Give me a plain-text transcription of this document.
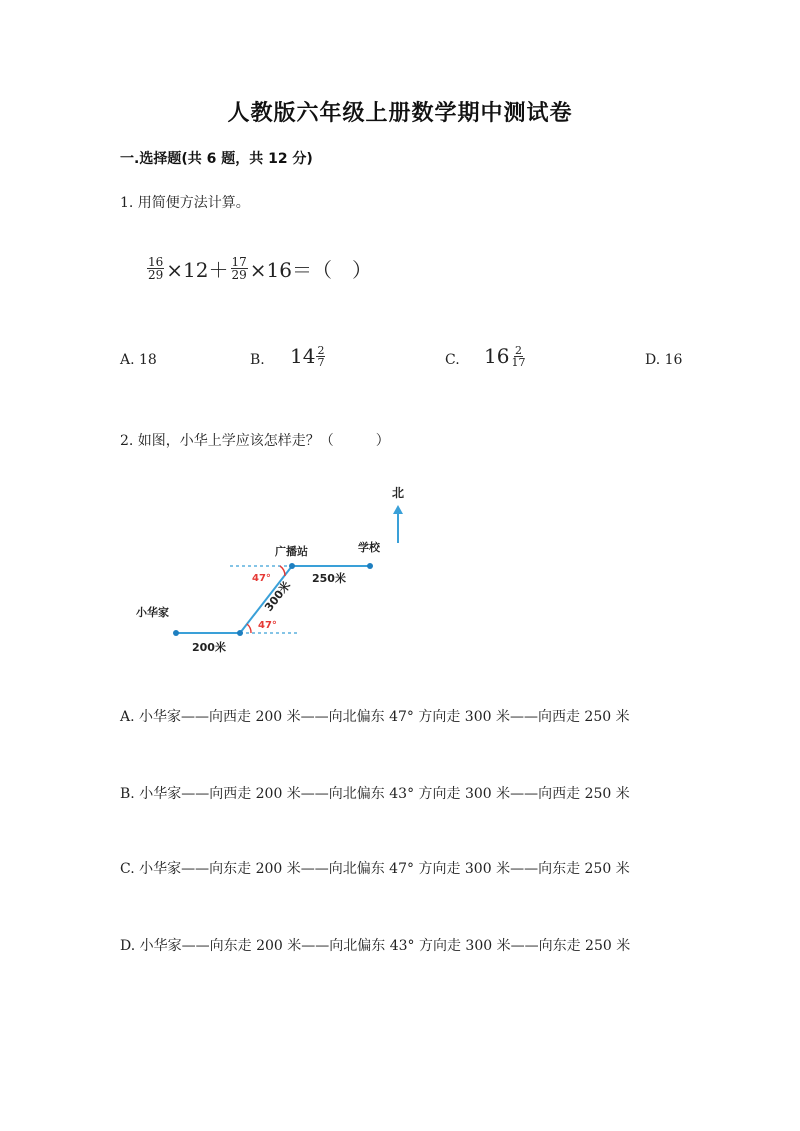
人教版六年级上册数学期中测试卷
一.选择题(共 6 题，共 12 分)
1. 用简便方法计算。
$\frac{16}{29} \times 12+ \frac{17}{29} \times 16=$（　）
A. 18	B. $14 \frac{2}{7}$	C. $16 \frac{2}{17}$	D. 16
2. 如图，小华上学应该怎样走？（　　　）
北
广播站	学校
小华家
200米
250米
300米
47°
47°
A. 小华家——向西走 200 米——向北偏东 47° 方向走 300 米——向西走 250 米
B. 小华家——向西走 200 米——向北偏东 43° 方向走 300 米——向西走 250 米
C. 小华家——向东走 200 米——向北偏东 47° 方向走 300 米——向东走 250 米
D. 小华家——向东走 200 米——向北偏东 43° 方向走 300 米——向东走 250 米
